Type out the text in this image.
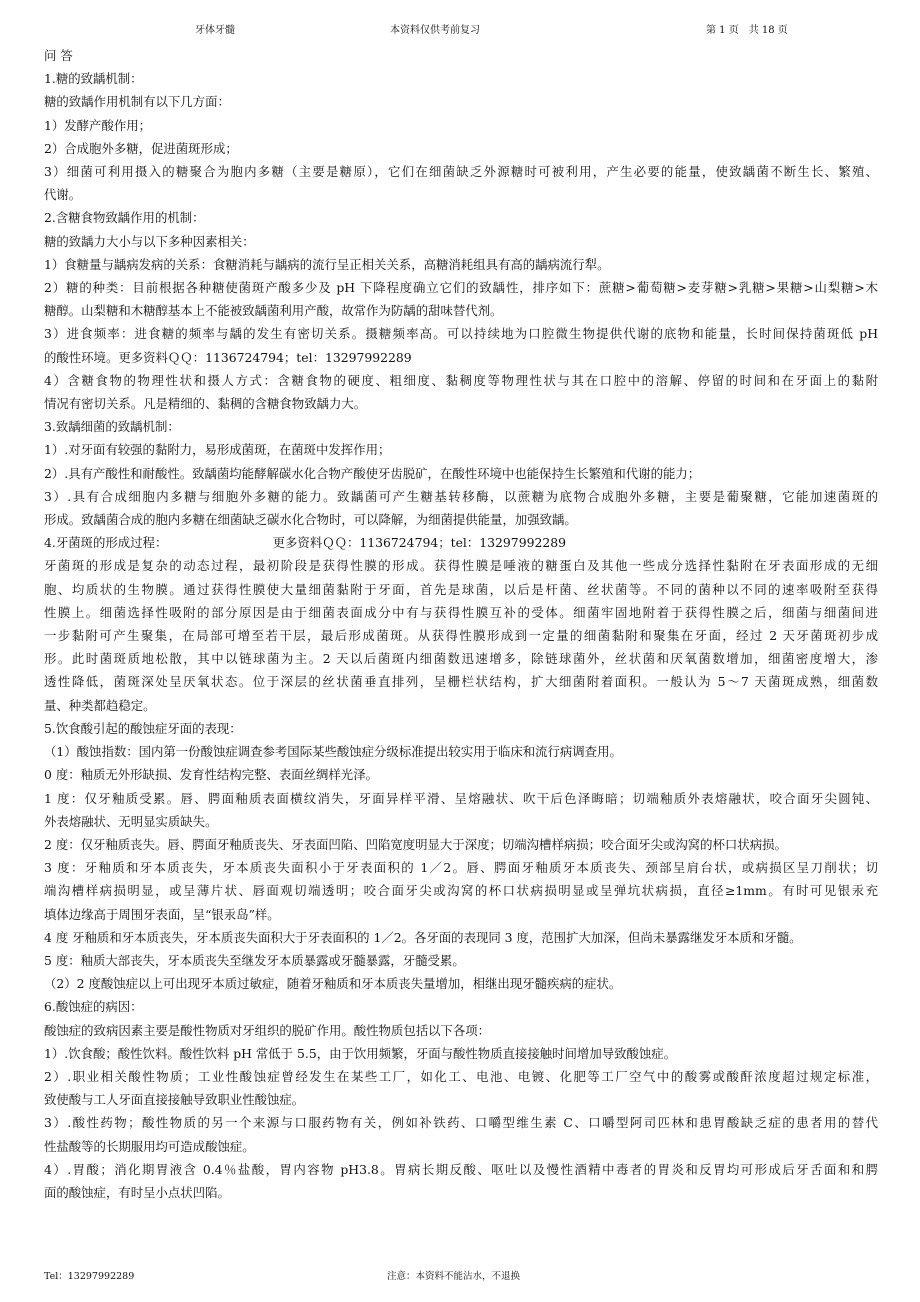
牙体牙髓	本资料仅供考前复习	第 1 页　共 18 页
问 答
1.糖的致龋机制：
糖的致龋作用机制有以下几方面：
1）发酵产酸作用；
2）合成胞外多糖，促进菌斑形成；
3）细菌可利用摄入的糖聚合为胞内多糖（主要是糖原），它们在细菌缺乏外源糖时可被利用，产生必要的能量，使致龋菌不断生长、繁殖、
代谢。
2.含糖食物致龋作用的机制：
糖的致龋力大小与以下多种因素相关：
1）食糖量与龋病发病的关系：食糖消耗与龋病的流行呈正相关关系，高糖消耗组具有高的龋病流行犁。
2）糖的种类：目前根据各种糖使菌斑产酸多少及 pH 下降程度确立它们的致龋性，排序如下：蔗糖>葡萄糖>麦芽糖>乳糖>果糖>山梨糖>木
糖醇。山梨糖和木糖醇基本上不能被致龋菌利用产酸，故常作为防龋的甜味替代剂。
3）进食频率：进食糖的频率与龋的发生有密切关系。摄糖频率高。可以持续地为口腔微生物提供代谢的底物和能量，长时间保持菌斑低 pH
的酸性环境。更多资料ＱＱ：1136724794；tel：13297992289
4）含糖食物的物理性状和摄人方式：含糖食物的硬度、粗细度、黏稠度等物理性状与其在口腔中的溶解、停留的时间和在牙面上的黏附
情况有密切关系。凡是精细的、黏稠的含糖食物致龋力大。
3.致龋细菌的致龋机制：
1）.对牙面有较强的黏附力，易形成菌斑，在菌斑中发挥作用；
2）.具有产酸性和耐酸性。致龋菌均能酵解碳水化合物产酸使牙齿脱矿，在酸性环境中也能保持生长繁殖和代谢的能力；
3）.具有合成细胞内多糖与细胞外多糖的能力。致龋菌可产生糖基转移酶，以蔗糖为底物合成胞外多糖，主要是葡聚糖，它能加速菌斑的
形成。致龋菌合成的胞内多糖在细菌缺乏碳水化合物时，可以降解，为细菌提供能量，加强致龋。
4.牙菌斑的形成过程：　　　　　　　　　更多资料ＱＱ：1136724794；tel：13297992289
牙菌斑的形成是复杂的动态过程，最初阶段是获得性膜的形成。获得性膜是唾液的糖蛋白及其他一些成分选择性黏附在牙表面形成的无细
胞、均质状的生物膜。通过获得性膜使大量细菌黏附于牙面，首先是球菌，以后是杆菌、丝状菌等。不同的菌种以不同的速率吸附至获得
性膜上。细菌选择性吸附的部分原因是由于细菌表面成分中有与获得性膜互补的受体。细菌牢固地附着于获得性膜之后，细菌与细菌间进
一步黏附可产生聚集，在局部可增至若干层，最后形成菌斑。从获得性膜形成到一定量的细菌黏附和聚集在牙面，经过 2 天牙菌斑初步成
形。此时菌斑质地松散，其中以链球菌为主。2 天以后菌斑内细菌数迅速增多，除链球菌外，丝状菌和厌氧菌数增加，细菌密度增大，渗
透性降低，菌斑深处呈厌氧状态。位于深层的丝状菌垂直排列，呈栅栏状结构，扩大细菌附着面积。一般认为 5～7 天菌斑成熟，细菌数
量、种类都趋稳定。
5.饮食酸引起的酸蚀症牙面的表现：
（1）酸蚀指数：国内第一份酸蚀症调查参考国际某些酸蚀症分级标准提出较实用于临床和流行病调查用。
0 度：釉质无外形缺损、发育性结构完整、表面丝绸样光泽。
1 度：仅牙釉质受累。唇、腭面釉质表面横纹消失，牙面异样平滑、呈熔融状、吹干后色泽晦暗；切端釉质外表熔融状，咬合面牙尖圆钝、
外表熔融状、无明显实质缺失。
2 度：仅牙釉质丧失。唇、腭面牙釉质丧失、牙表面凹陷、凹陷宽度明显大于深度；切端沟槽样病损；咬合面牙尖或沟窝的杯口状病损。
3 度：牙釉质和牙本质丧失，牙本质丧失面积小于牙表面积的 1／2。唇、腭面牙釉质牙本质丧失、颈部呈肩台状，或病损区呈刀削状；切
端沟槽样病损明显，或呈薄片状、唇面观切端透明；咬合面牙尖或沟窝的杯口状病损明显或呈弹坑状病损，直径≥1mm。有时可见银汞充
填体边缘高于周围牙表面，呈“银汞岛”样。
4 度 牙釉质和牙本质丧失，牙本质丧失面积大于牙表面积的 1／2。各牙面的表现同 3 度，范围扩大加深，但尚未暴露继发牙本质和牙髓。
5 度：釉质大部丧失，牙本质丧失至继发牙本质暴露或牙髓暴露，牙髓受累。
（2）2 度酸蚀症以上可出现牙本质过敏症，随着牙釉质和牙本质丧失量增加，相继出现牙髓疾病的症状。
6.酸蚀症的病因：
酸蚀症的致病因素主要是酸性物质对牙组织的脱矿作用。酸性物质包括以下各项：
1）.饮食酸；酸性饮料。酸性饮料 pH 常低于 5.5，由于饮用频繁，牙面与酸性物质直接接触时间增加导致酸蚀症。
2）.职业相关酸性物质；工业性酸蚀症曾经发生在某些工厂，如化工、电池、电镀、化肥等工厂空气中的酸雾或酸酐浓度超过规定标准，
致使酸与工人牙面直接接触导致职业性酸蚀症。
3）.酸性药物；酸性物质的另一个来源与口服药物有关，例如补铁药、口嚼型维生素 C、口嚼型阿司匹林和患胃酸缺乏症的患者用的替代
性盐酸等的长期服用均可造成酸蚀症。
4）.胃酸；消化期胃液含 0.4％盐酸，胃内容物 pH3.8。胃病长期反酸、呕吐以及慢性酒精中毒者的胃炎和反胃均可形成后牙舌面和和腭
面的酸蚀症，有时呈小点状凹陷。
Tel：13297992289	注意：本资料不能沾水，不退换
